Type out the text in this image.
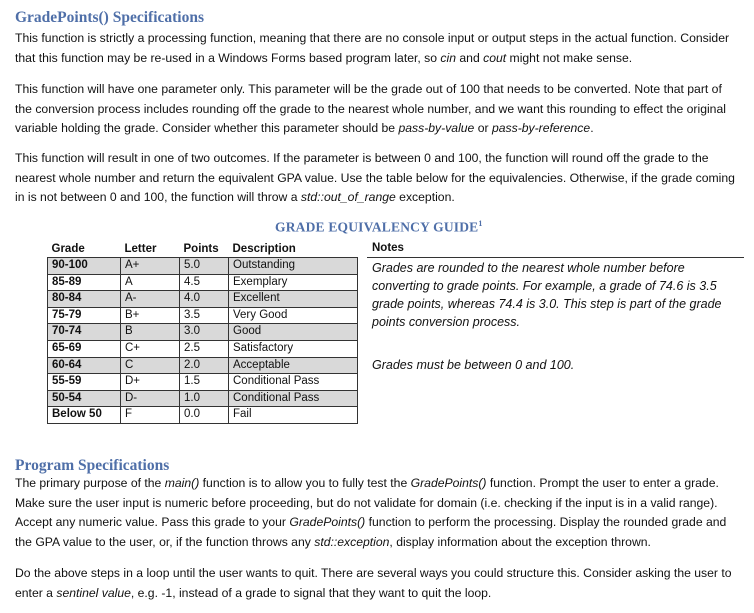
GradePoints() Specifications

This function is strictly a processing function, meaning that there are no console input or output steps in the actual function. Consider that this function may be re-used in a Windows Forms based program later, so cin and cout might not make sense.

This function will have one parameter only. This parameter will be the grade out of 100 that needs to be converted. Note that part of the conversion process includes rounding off the grade to the nearest whole number, and we want this rounding to effect the original variable holding the grade. Consider whether this parameter should be pass-by-value or pass-by-reference.

This function will result in one of two outcomes. If the parameter is between 0 and 100, the function will round off the grade to the nearest whole number and return the equivalent GPA value. Use the table below for the equivalencies. Otherwise, if the grade coming in is not between 0 and 100, the function will throw a std::out_of_range exception.

GRADE EQUIVALENCY GUIDE$^1$
Grade	Letter	Points	Description
90-100	A+	5.0	Outstanding
85-89	A	4.5	Exemplary
80-84	A-	4.0	Excellent
75-79	B+	3.5	Very Good
70-74	B	3.0	Good
65-69	C+	2.5	Satisfactory
60-64	C	2.0	Acceptable
55-59	D+	1.5	Conditional Pass
50-54	D-	1.0	Conditional Pass
Below 50	F	0.0	Fail
Notes
Grades are rounded to the nearest whole number before converting to grade points. For example, a grade of 74.6 is 3.5 grade points, whereas 74.4 is 3.0. This step is part of the grade points conversion process.
Grades must be between 0 and 100.
Program Specifications

The primary purpose of the main() function is to allow you to fully test the GradePoints() function. Prompt the user to enter a grade. Make sure the user input is numeric before proceeding, but do not validate for domain (i.e. checking if the input is in a valid range). Accept any numeric value. Pass this grade to your GradePoints() function to perform the processing. Display the rounded grade and the GPA value to the user, or, if the function throws any std::exception, display information about the exception thrown.

Do the above steps in a loop until the user wants to quit. There are several ways you could structure this. Consider asking the user to enter a sentinel value, e.g. -1, instead of a grade to signal that they want to quit the loop.
